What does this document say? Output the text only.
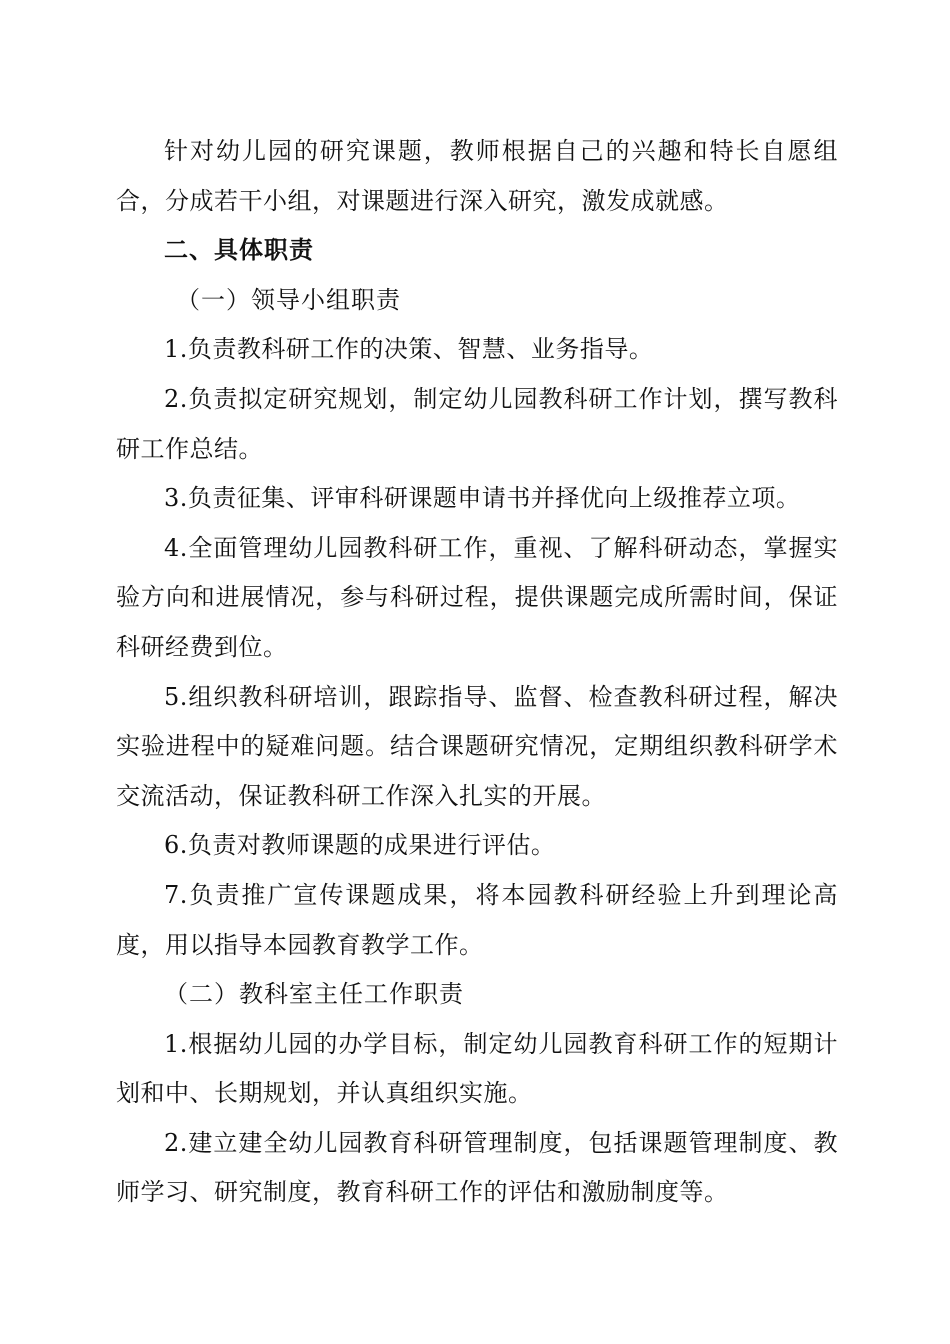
针对幼儿园的研究课题，教师根据自己的兴趣和特长自愿组合，分成若干小组，对课题进行深入研究，激发成就感。

二、具体职责

（一）领导小组职责

1.负责教科研工作的决策、智慧、业务指导。

2.负责拟定研究规划，制定幼儿园教科研工作计划，撰写教科研工作总结。

3.负责征集、评审科研课题申请书并择优向上级推荐立项。

4.全面管理幼儿园教科研工作，重视、了解科研动态，掌握实验方向和进展情况，参与科研过程，提供课题完成所需时间，保证科研经费到位。

5.组织教科研培训，跟踪指导、监督、检查教科研过程，解决实验进程中的疑难问题。结合课题研究情况，定期组织教科研学术交流活动，保证教科研工作深入扎实的开展。

6.负责对教师课题的成果进行评估。

7.负责推广宣传课题成果，将本园教科研经验上升到理论高度，用以指导本园教育教学工作。

（二）教科室主任工作职责

1.根据幼儿园的办学目标，制定幼儿园教育科研工作的短期计划和中、长期规划，并认真组织实施。

2.建立建全幼儿园教育科研管理制度，包括课题管理制度、教师学习、研究制度，教育科研工作的评估和激励制度等。
